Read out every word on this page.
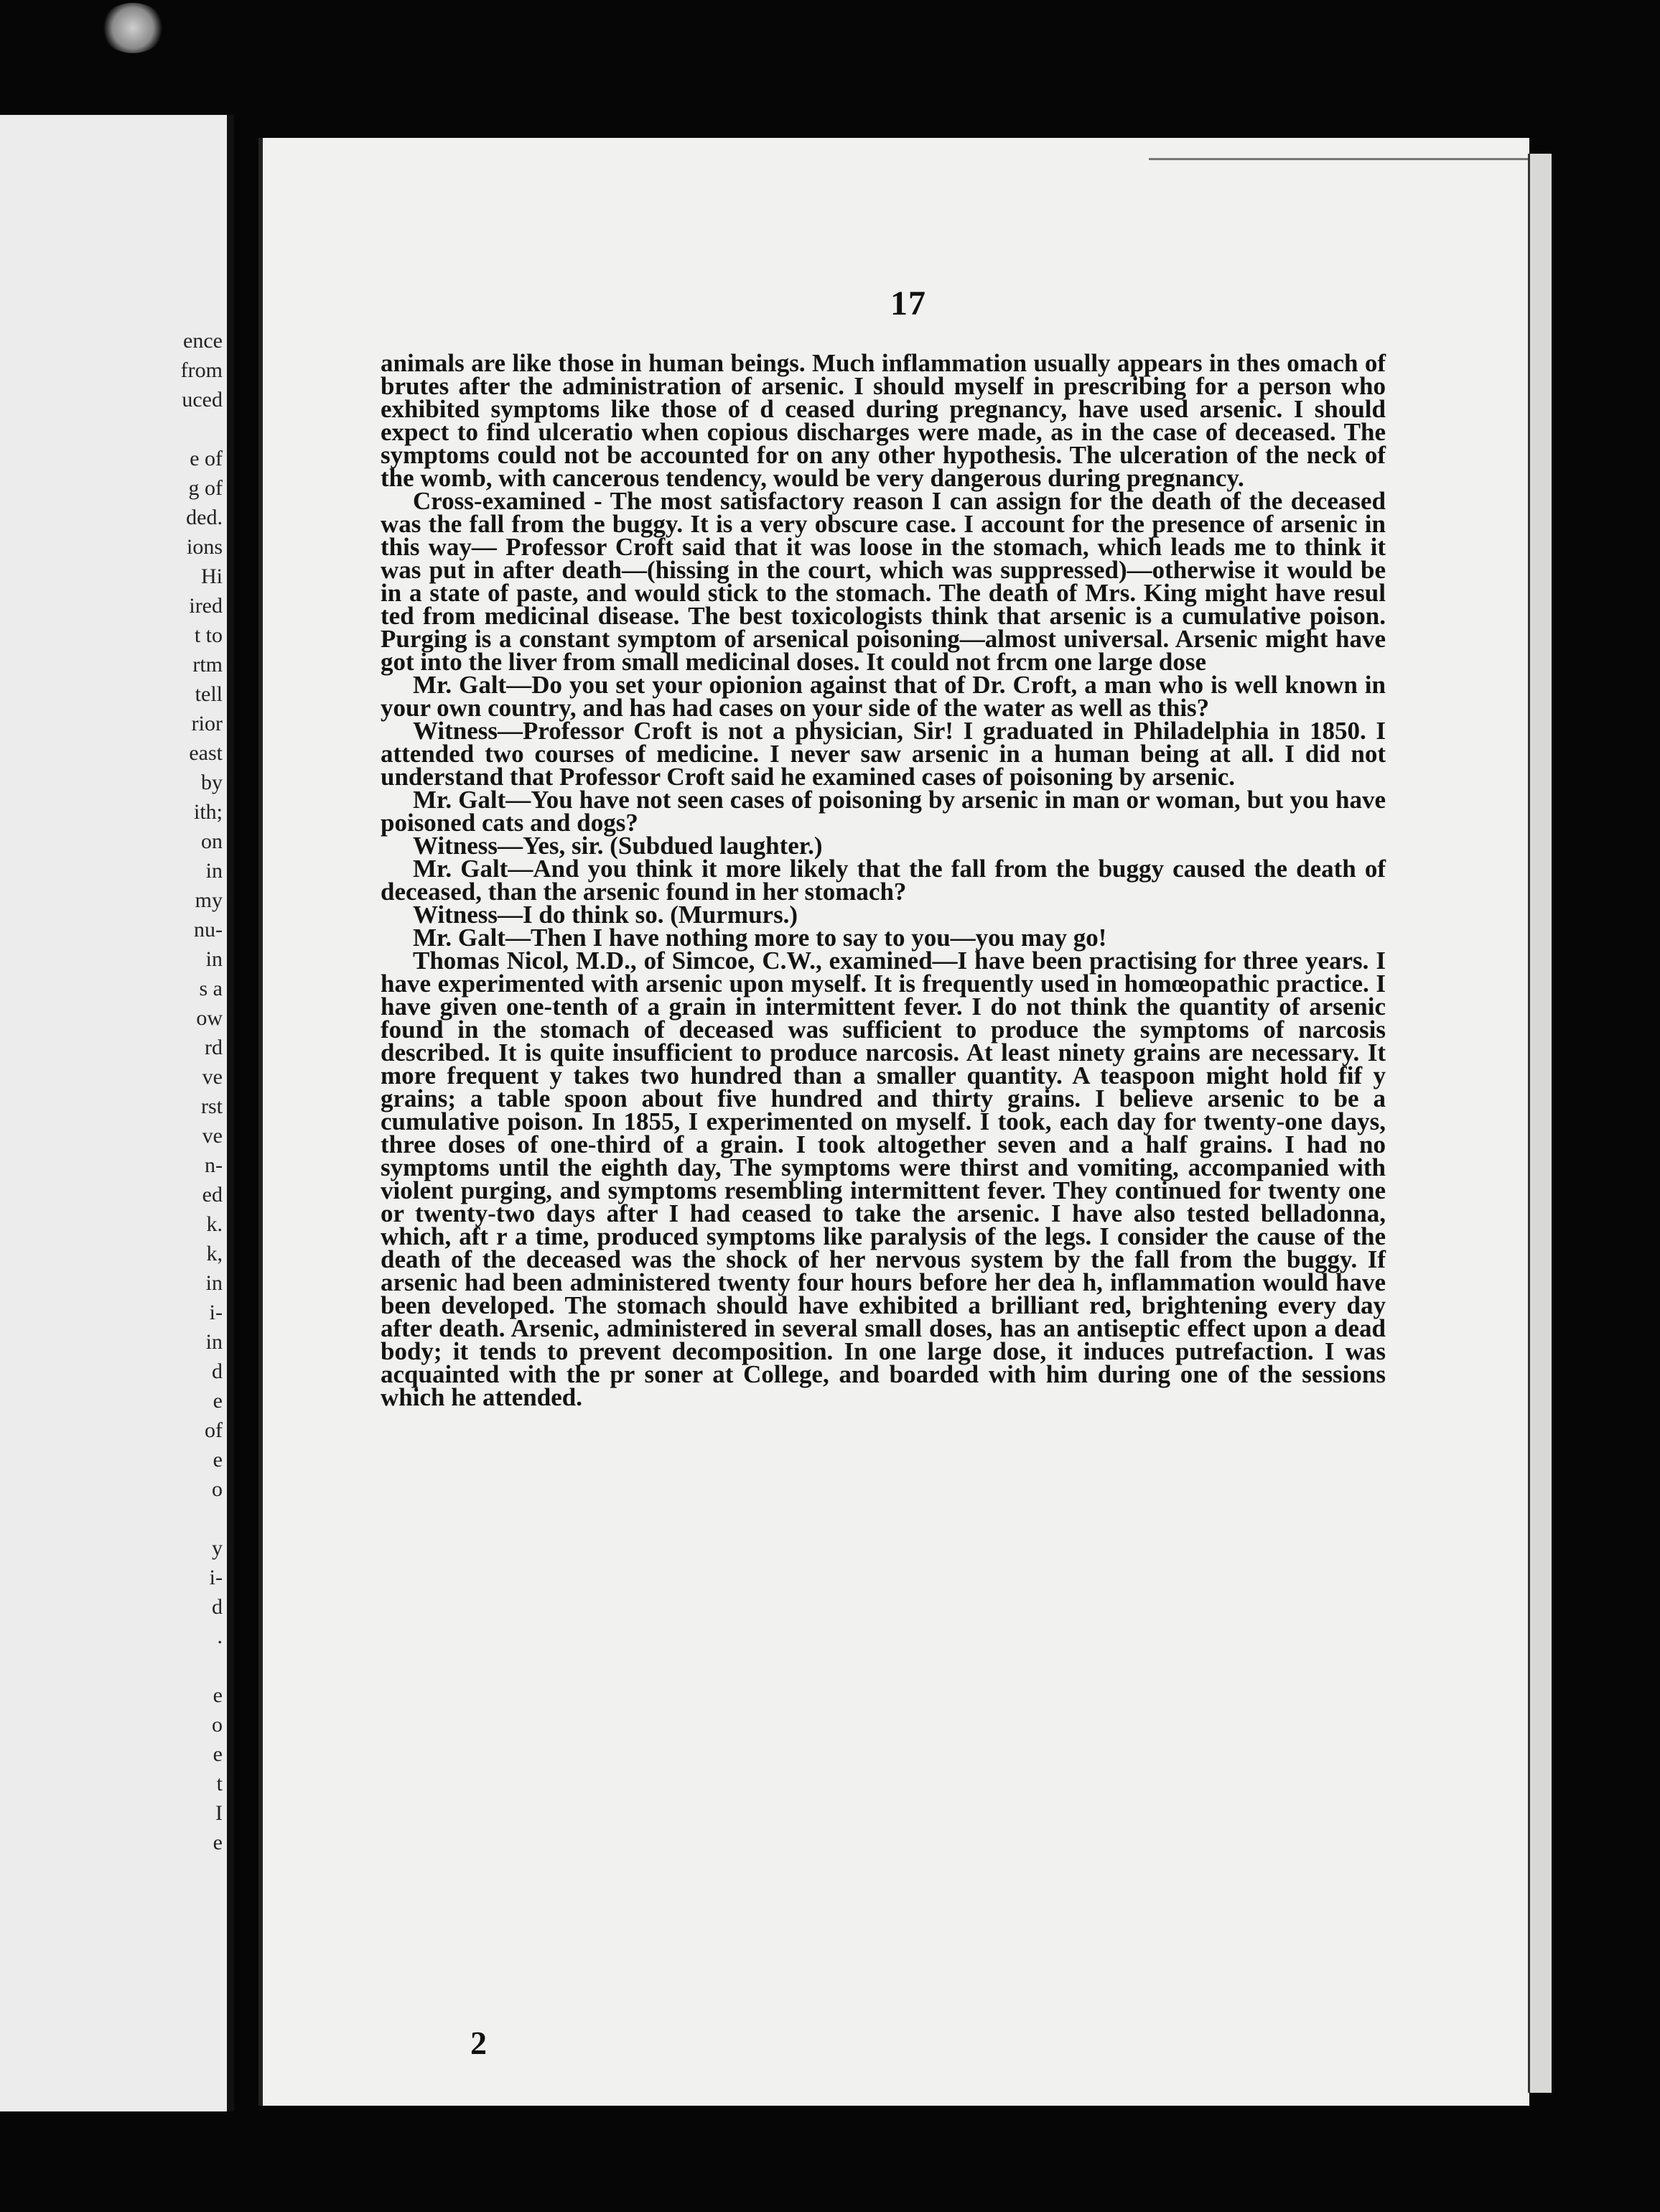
ence
from
uced
e of
g of
ded.
ions
Hi
ired
t to
rtm
tell
rior
east
by
ith;
on
in
my
nu-
in
s a
ow
rd
ve
rst
ve
n-
ed
k.
k,
in
i-
in
d
e
of
e
o
y
i-
d
.
e
o
e
t
I
e
17

animals are like those in human beings. Much inflammation usually appears in thes omach of brutes after the administration of arsenic. I should myself in prescribing for a person who exhibited symptoms like those of d ceased during pregnancy, have used arsenic. I should expect to find ulceratio when copious discharges were made, as in the case of deceased. The symptoms could not be accounted for on any other hypothesis. The ulceration of the neck of the womb, with cancerous tendency, would be very dangerous during pregnancy.

Cross-examined - The most satisfactory reason I can assign for the death of the deceased was the fall from the buggy. It is a very obscure case. I account for the presence of arsenic in this way— Professor Croft said that it was loose in the stomach, which leads me to think it was put in after death—(hissing in the court, which was suppressed)—otherwise it would be in a state of paste, and would stick to the stomach. The death of Mrs. King might have resul ted from medicinal disease. The best toxicologists think that arsenic is a cumulative poison. Purging is a constant symptom of arsenical poisoning—almost universal. Arsenic might have got into the liver from small medicinal doses. It could not frcm one large dose

Mr. Galt—Do you set your opionion against that of Dr. Croft, a man who is well known in your own country, and has had cases on your side of the water as well as this?

Witness—Professor Croft is not a physician, Sir! I graduated in Philadelphia in 1850. I attended two courses of medicine. I never saw arsenic in a human being at all. I did not understand that Professor Croft said he examined cases of poisoning by arsenic.

Mr. Galt—You have not seen cases of poisoning by arsenic in man or woman, but you have poisoned cats and dogs?

Witness—Yes, sir. (Subdued laughter.)

Mr. Galt—And you think it more likely that the fall from the buggy caused the death of deceased, than the arsenic found in her stomach?

Witness—I do think so. (Murmurs.)

Mr. Galt—Then I have nothing more to say to you—you may go!

Thomas Nicol, M.D., of Simcoe, C.W., examined—I have been practising for three years. I have experimented with arsenic upon myself. It is frequently used in homœopathic practice. I have given one-tenth of a grain in intermittent fever. I do not think the quantity of arsenic found in the stomach of deceased was sufficient to produce the symptoms of narcosis described. It is quite insufficient to produce narcosis. At least ninety grains are necessary. It more frequent y takes two hundred than a smaller quantity. A teaspoon might hold fif y grains; a table spoon about five hundred and thirty grains. I believe arsenic to be a cumulative poison. In 1855, I experimented on myself. I took, each day for twenty-one days, three doses of one-third of a grain. I took altogether seven and a half grains. I had no symptoms until the eighth day, The symptoms were thirst and vomiting, accompanied with violent purging, and symptoms resembling intermittent fever. They continued for twenty one or twenty-two days after I had ceased to take the arsenic. I have also tested belladonna, which, aft r a time, produced symptoms like paralysis of the legs. I consider the cause of the death of the deceased was the shock of her nervous system by the fall from the buggy. If arsenic had been administered twenty four hours before her dea h, inflammation would have been developed. The stomach should have exhibited a brilliant red, brightening every day after death. Arsenic, administered in several small doses, has an antiseptic effect upon a dead body; it tends to prevent decomposition. In one large dose, it induces putrefaction. I was acquainted with the pr soner at College, and boarded with him during one of the sessions which he attended.

2
